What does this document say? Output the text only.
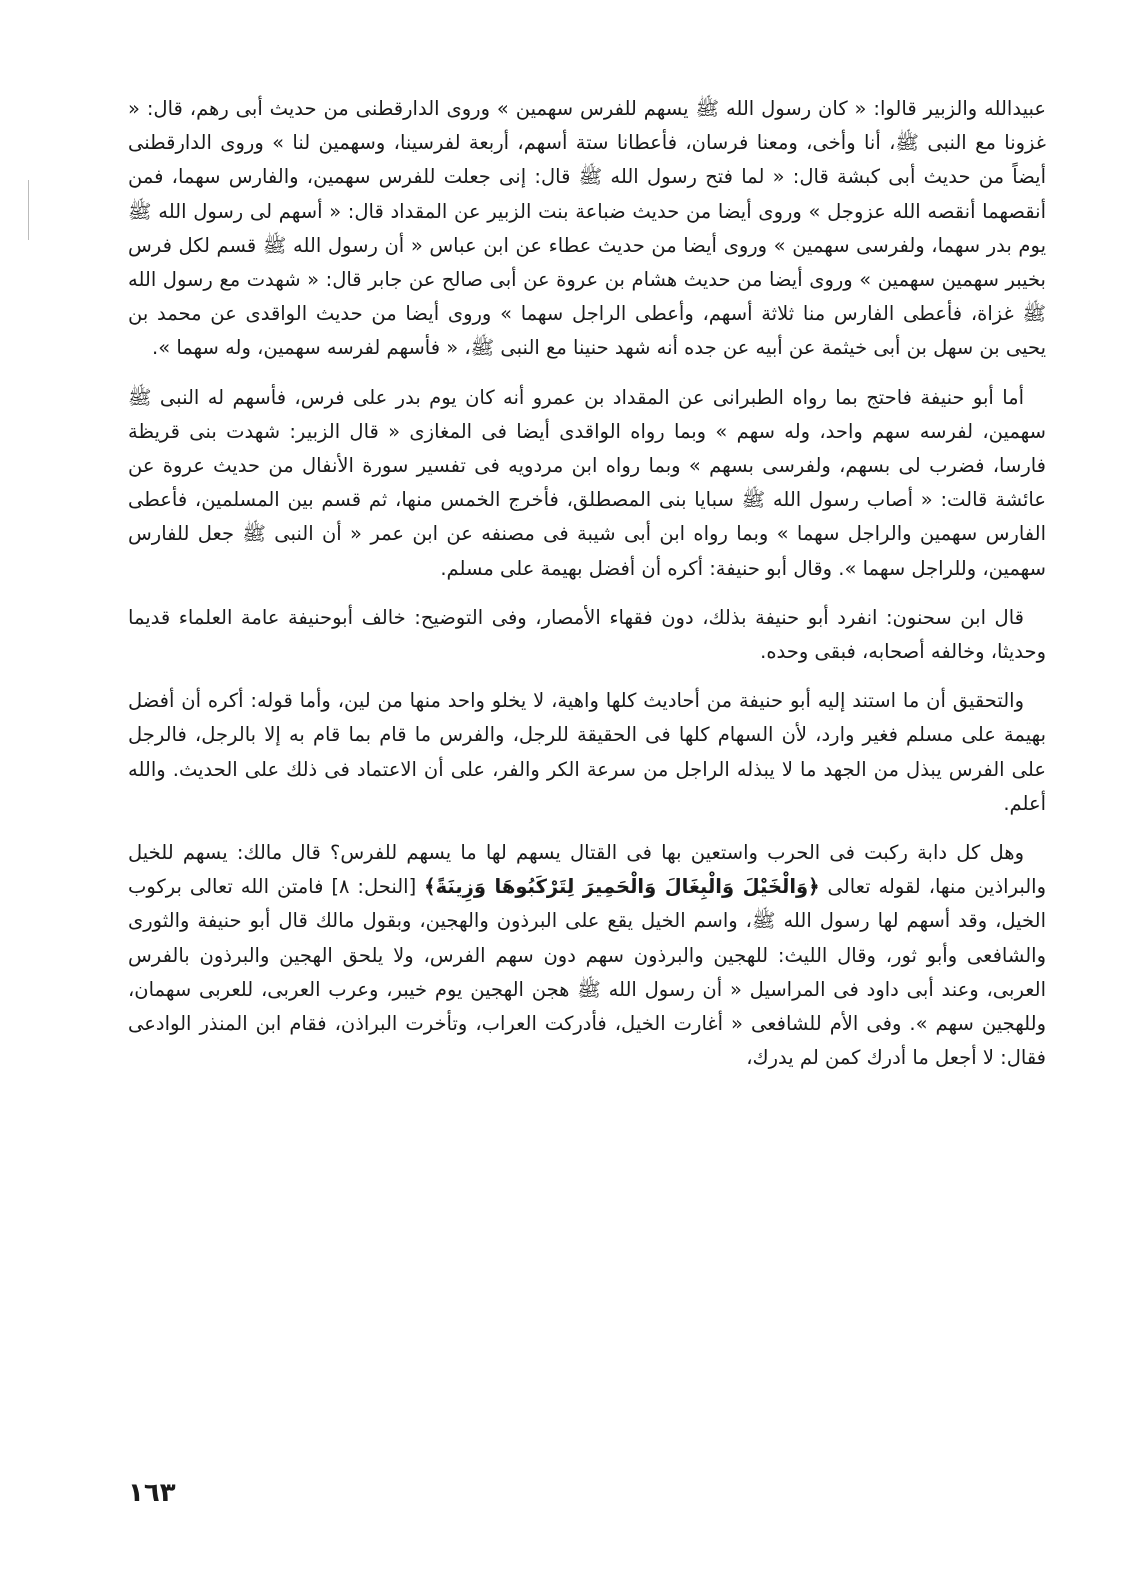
عبيدالله والزبير قالوا: « كان رسول الله ﷺ يسهم للفرس سهمين » وروى الدارقطنى من حديث أبى رهم، قال: « غزونا مع النبى ﷺ، أنا وأخى، ومعنا فرسان، فأعطانا ستة أسهم، أربعة لفرسينا، وسهمين لنا » وروى الدارقطنى أيضاً من حديث أبى كبشة قال: « لما فتح رسول الله ﷺ قال: إنى جعلت للفرس سهمين، والفارس سهما، فمن أنقصهما أنقصه الله عزوجل » وروى أيضا من حديث ضباعة بنت الزبير عن المقداد قال: « أسهم لى رسول الله ﷺ يوم بدر سهما، ولفرسى سهمين » وروى أيضا من حديث عطاء عن ابن عباس « أن رسول الله ﷺ قسم لكل فرس بخيبر سهمين سهمين » وروى أيضا من حديث هشام بن عروة عن أبى صالح عن جابر قال: « شهدت مع رسول الله ﷺ غزاة، فأعطى الفارس منا ثلاثة أسهم، وأعطى الراجل سهما » وروى أيضا من حديث الواقدى عن محمد بن يحيى بن سهل بن أبى خيثمة عن أبيه عن جده أنه شهد حنينا مع النبى ﷺ، « فأسهم لفرسه سهمين، وله سهما ».

أما أبو حنيفة فاحتج بما رواه الطبرانى عن المقداد بن عمرو أنه كان يوم بدر على فرس، فأسهم له النبى ﷺ سهمين، لفرسه سهم واحد، وله سهم » وبما رواه الواقدى أيضا فى المغازى « قال الزبير: شهدت بنى قريظة فارسا، فضرب لى بسهم، ولفرسى بسهم » وبما رواه ابن مردويه فى تفسير سورة الأنفال من حديث عروة عن عائشة قالت: « أصاب رسول الله ﷺ سبايا بنى المصطلق، فأخرج الخمس منها، ثم قسم بين المسلمين، فأعطى الفارس سهمين والراجل سهما » وبما رواه ابن أبى شيبة فى مصنفه عن ابن عمر « أن النبى ﷺ جعل للفارس سهمين، وللراجل سهما ». وقال أبو حنيفة: أكره أن أفضل بهيمة على مسلم.

قال ابن سحنون: انفرد أبو حنيفة بذلك، دون فقهاء الأمصار، وفى التوضيح: خالف أبوحنيفة عامة العلماء قديما وحديثا، وخالفه أصحابه، فبقى وحده.

والتحقيق أن ما استند إليه أبو حنيفة من أحاديث كلها واهية، لا يخلو واحد منها من لين، وأما قوله: أكره أن أفضل بهيمة على مسلم فغير وارد، لأن السهام كلها فى الحقيقة للرجل، والفرس ما قام بما قام به إلا بالرجل، فالرجل على الفرس يبذل من الجهد ما لا يبذله الراجل من سرعة الكر والفر، على أن الاعتماد فى ذلك على الحديث. والله أعلم.

وهل كل دابة ركبت فى الحرب واستعين بها فى القتال يسهم لها ما يسهم للفرس؟ قال مالك: يسهم للخيل والبراذين منها، لقوله تعالى ﴿وَالْخَيْلَ وَالْبِغَالَ وَالْحَمِيرَ لِتَرْكَبُوهَا وَزِينَةً﴾ [النحل: ٨] فامتن الله تعالى بركوب الخيل، وقد أسهم لها رسول الله ﷺ، واسم الخيل يقع على البرذون والهجين، وبقول مالك قال أبو حنيفة والثورى والشافعى وأبو ثور، وقال الليث: للهجين والبرذون سهم دون سهم الفرس، ولا يلحق الهجين والبرذون بالفرس العربى، وعند أبى داود فى المراسيل « أن رسول الله ﷺ هجن الهجين يوم خيبر، وعرب العربى، للعربى سهمان، وللهجين سهم ». وفى الأم للشافعى « أغارت الخيل، فأدركت العراب، وتأخرت البراذن، فقام ابن المنذر الوادعى فقال: لا أجعل ما أدرك كمن لم يدرك،

١٦٣
